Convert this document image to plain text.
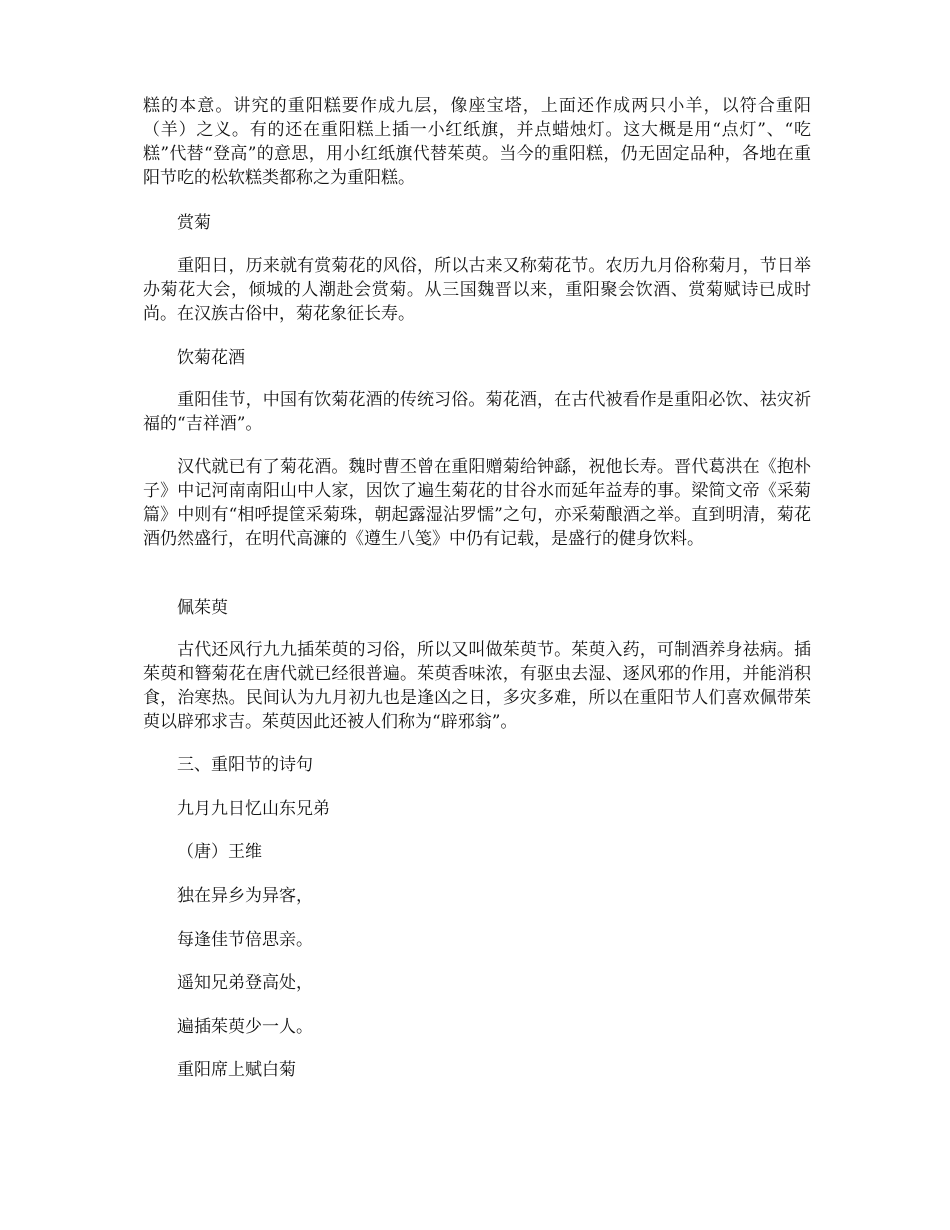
糕的本意。讲究的重阳糕要作成九层，像座宝塔，上面还作成两只小羊，以符合重阳（羊）之义。有的还在重阳糕上插一小红纸旗，并点蜡烛灯。这大概是用“点灯”、“吃糕”代替“登高”的意思，用小红纸旗代替茱萸。当今的重阳糕，仍无固定品种，各地在重阳节吃的松软糕类都称之为重阳糕。

赏菊

重阳日，历来就有赏菊花的风俗，所以古来又称菊花节。农历九月俗称菊月，节日举办菊花大会，倾城的人潮赴会赏菊。从三国魏晋以来，重阳聚会饮酒、赏菊赋诗已成时尚。在汉族古俗中，菊花象征长寿。

饮菊花酒

重阳佳节，中国有饮菊花酒的传统习俗。菊花酒，在古代被看作是重阳必饮、祛灾祈福的“吉祥酒”。

汉代就已有了菊花酒。魏时曹丕曾在重阳赠菊给钟繇，祝他长寿。晋代葛洪在《抱朴子》中记河南南阳山中人家，因饮了遍生菊花的甘谷水而延年益寿的事。梁简文帝《采菊篇》中则有“相呼提筐采菊珠，朝起露湿沾罗懦”之句，亦采菊酿酒之举。直到明清，菊花酒仍然盛行，在明代高濂的《遵生八笺》中仍有记载，是盛行的健身饮料。

佩茱萸

古代还风行九九插茱萸的习俗，所以又叫做茱萸节。茱萸入药，可制酒养身祛病。插茱萸和簪菊花在唐代就已经很普遍。茱萸香味浓，有驱虫去湿、逐风邪的作用，并能消积食，治寒热。民间认为九月初九也是逢凶之日，多灾多难，所以在重阳节人们喜欢佩带茱萸以辟邪求吉。茱萸因此还被人们称为“辟邪翁”。

三、重阳节的诗句

九月九日忆山东兄弟

（唐）王维

独在异乡为异客，

每逢佳节倍思亲。

遥知兄弟登高处，

遍插茱萸少一人。

重阳席上赋白菊
